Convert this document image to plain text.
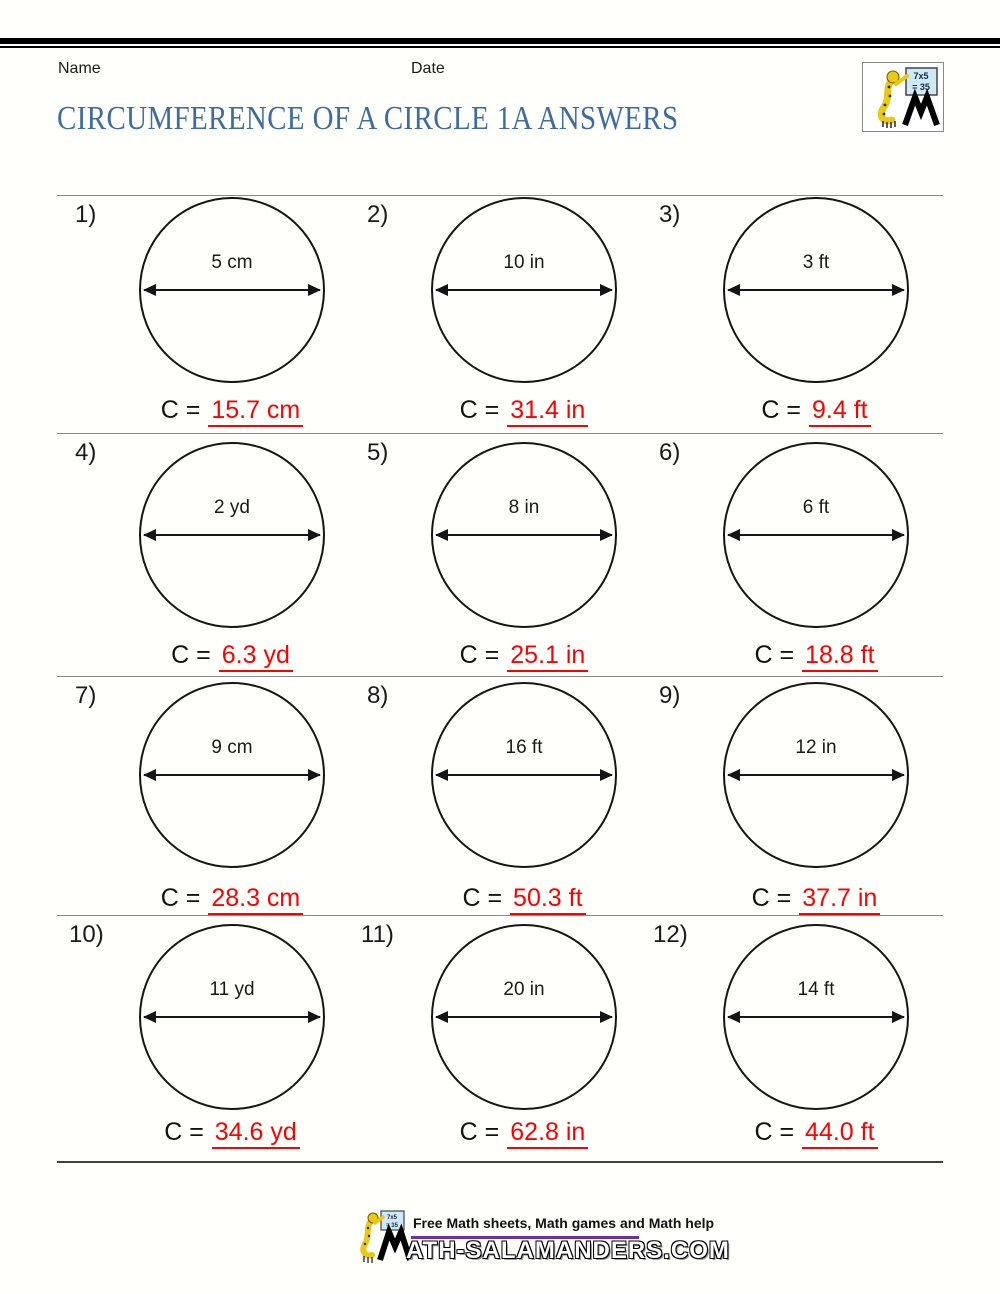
Name	Date
CIRCUMFERENCE OF A CIRCLE 1A ANSWERS
7x5
= 35
1)
5 cm
C = 15.7 cm
2)
10 in
C = 31.4 in
3)
3 ft
C = 9.4 ft
4)
2 yd
C = 6.3 yd
5)
8 in
C = 25.1 in
6)
6 ft
C = 18.8 ft
7)
9 cm
C = 28.3 cm
8)
16 ft
C = 50.3 ft
9)
12 in
C = 37.7 in
10)
11 yd
C = 34.6 yd
11)
20 in
C = 62.8 in
12)
14 ft
C = 44.0 ft
7x5
= 35 Free Math sheets, Math games and Math help
ATH-SALAMANDERS.COM
